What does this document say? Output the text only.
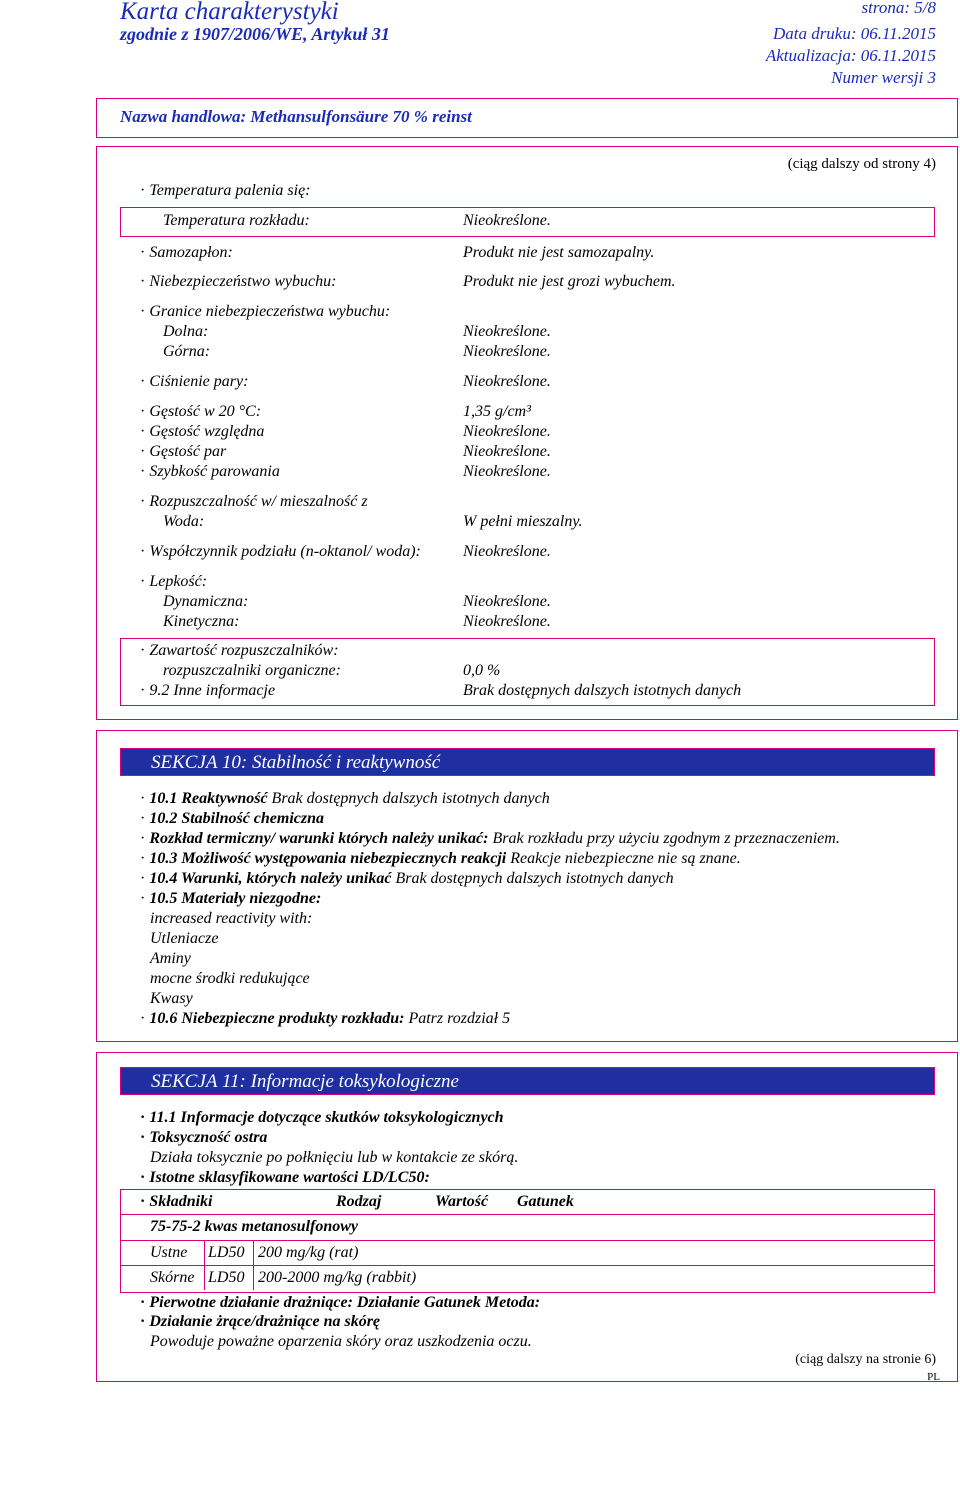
Karta charakterystyki
zgodnie z 1907/2006/WE, Artykuł 31
strona: 5/8
Data druku: 06.11.2015
Aktualizacja: 06.11.2015
Numer wersji 3
Nazwa handlowa: Methansulfonsäure 70 % reinst
(ciąg dalszy od strony 4)
· Temperatura palenia się:
Temperatura rozkładu:	Nieokreślone.
· Samozapłon:	Produkt nie jest samozapalny.
· Niebezpieczeństwo wybuchu:	Produkt nie jest grozi wybuchem.
· Granice niebezpieczeństwa wybuchu:
Dolna:	Nieokreślone.
Górna:	Nieokreślone.
· Ciśnienie pary:	Nieokreślone.
· Gęstość w 20 °C:	1,35 g/cm³
· Gęstość względna	Nieokreślone.
· Gęstość par	Nieokreślone.
· Szybkość parowania	Nieokreślone.
· Rozpuszczalność w/ mieszalność z
Woda:	W pełni mieszalny.
· Współczynnik podziału (n-oktanol/ woda):	Nieokreślone.
· Lepkość:
Dynamiczna:	Nieokreślone.
Kinetyczna:	Nieokreślone.
· Zawartość rozpuszczalników:
rozpuszczalniki organiczne:	0,0 %
· 9.2 Inne informacje	Brak dostępnych dalszych istotnych danych
SEKCJA 10: Stabilność i reaktywność
· 10.1 Reaktywność Brak dostępnych dalszych istotnych danych
· 10.2 Stabilność chemiczna
· Rozkład termiczny/ warunki których należy unikać: Brak rozkładu przy użyciu zgodnym z przeznaczeniem.
· 10.3 Możliwość występowania niebezpiecznych reakcji Reakcje niebezpieczne nie są znane.
· 10.4 Warunki, których należy unikać Brak dostępnych dalszych istotnych danych
· 10.5 Materiały niezgodne:
increased reactivity with:
Utleniacze
Aminy
mocne środki redukujące
Kwasy
· 10.6 Niebezpieczne produkty rozkładu: Patrz rozdział 5
SEKCJA 11: Informacje toksykologiczne
· 11.1 Informacje dotyczące skutków toksykologicznych
· Toksyczność ostra
Działa toksycznie po połknięciu lub w kontakcie ze skórą.
· Istotne sklasyfikowane wartości LD/LC50:
· Składniki	Rodzaj	Wartość Gatunek
75-75-2 kwas metanosulfonowy
Ustne LD50 200 mg/kg (rat)
Skórne LD50 200-2000 mg/kg (rabbit)
· Pierwotne działanie drażniące: Działanie Gatunek Metoda:
· Działanie żrące/drażniące na skórę
Powoduje poważne oparzenia skóry oraz uszkodzenia oczu.
(ciąg dalszy na stronie 6)
PL
